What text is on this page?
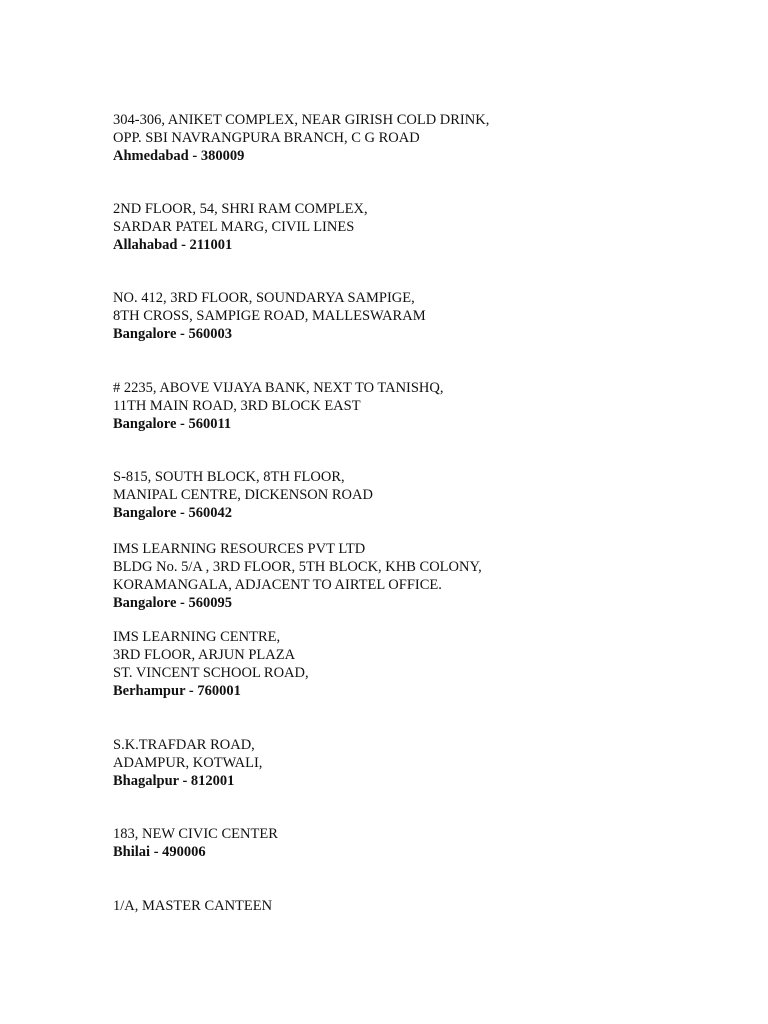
304-306, ANIKET COMPLEX, NEAR GIRISH COLD DRINK,
OPP. SBI NAVRANGPURA BRANCH, C G ROAD
Ahmedabad - 380009
2ND FLOOR, 54, SHRI RAM COMPLEX,
SARDAR PATEL MARG, CIVIL LINES
Allahabad - 211001
NO. 412, 3RD FLOOR, SOUNDARYA SAMPIGE,
8TH CROSS, SAMPIGE ROAD, MALLESWARAM
Bangalore - 560003
# 2235, ABOVE VIJAYA BANK, NEXT TO TANISHQ,
11TH MAIN ROAD, 3RD BLOCK EAST
Bangalore - 560011
S-815, SOUTH BLOCK, 8TH FLOOR,
MANIPAL CENTRE, DICKENSON ROAD
Bangalore - 560042
IMS LEARNING RESOURCES PVT LTD
BLDG No. 5/A , 3RD FLOOR, 5TH BLOCK, KHB COLONY,
KORAMANGALA, ADJACENT TO AIRTEL OFFICE.
Bangalore - 560095
IMS LEARNING CENTRE,
3RD FLOOR, ARJUN PLAZA
ST. VINCENT SCHOOL ROAD,
Berhampur - 760001
S.K.TRAFDAR ROAD,
ADAMPUR, KOTWALI,
Bhagalpur - 812001
183, NEW CIVIC CENTER
Bhilai - 490006
1/A, MASTER CANTEEN
